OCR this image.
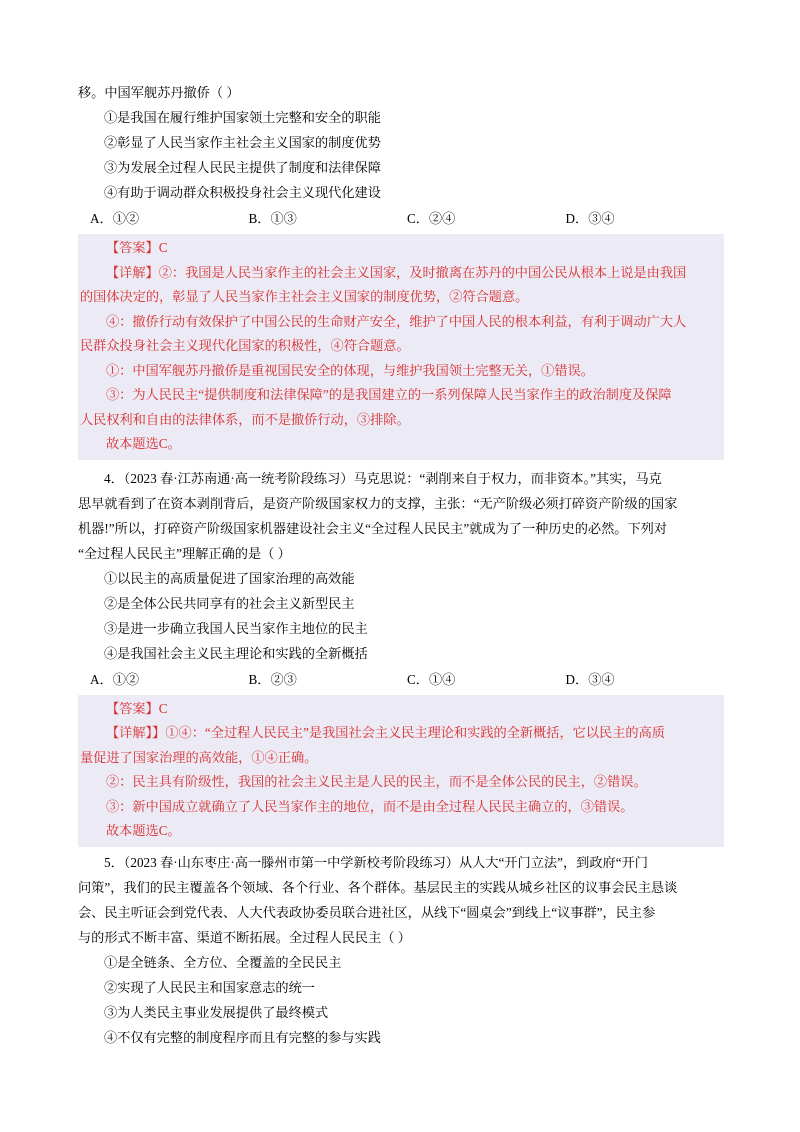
移。中国军舰苏丹撤侨（ ）
①是我国在履行维护国家领土完整和安全的职能
②彰显了人民当家作主社会主义国家的制度优势
③为发展全过程人民民主提供了制度和法律保障
④有助于调动群众积极投身社会主义现代化建设
A．①②	B．①③	C．②④	D．③④
【答案】C
【详解】②：我国是人民当家作主的社会主义国家，及时撤离在苏丹的中国公民从根本上说是由我国
的国体决定的，彰显了人民当家作主社会主义国家的制度优势，②符合题意。
④：撤侨行动有效保护了中国公民的生命财产安全，维护了中国人民的根本利益，有利于调动广大人
民群众投身社会主义现代化国家的积极性，④符合题意。
①：中国军舰苏丹撤侨是重视国民安全的体现，与维护我国领土完整无关，①错误。
③：为人民民主“提供制度和法律保障”的是我国建立的一系列保障人民当家作主的政治制度及保障
人民权利和自由的法律体系，而不是撤侨行动，③排除。
故本题选C。
4．（2023 春·江苏南通·高一统考阶段练习）马克思说：“剥削来自于权力，而非资本。”其实，马克
思早就看到了在资本剥削背后，是资产阶级国家权力的支撑，主张：“无产阶级必须打碎资产阶级的国家
机器!”所以，打碎资产阶级国家机器建设社会主义“全过程人民民主”就成为了一种历史的必然。下列对
“全过程人民民主”理解正确的是（ ）
①以民主的高质量促进了国家治理的高效能
②是全体公民共同享有的社会主义新型民主
③是进一步确立我国人民当家作主地位的民主
④是我国社会主义民主理论和实践的全新概括
A．①②	B．②③	C．①④	D．③④
【答案】C
【详解】】①④：“全过程人民民主”是我国社会主义民主理论和实践的全新概括，它以民主的高质
量促进了国家治理的高效能，①④正确。
②：民主具有阶级性，我国的社会主义民主是人民的民主，而不是全体公民的民主，②错误。
③：新中国成立就确立了人民当家作主的地位，而不是由全过程人民民主确立的，③错误。
故本题选C。
5．（2023 春·山东枣庄·高一滕州市第一中学新校考阶段练习）从人大“开门立法”，到政府“开门
问策”，我们的民主覆盖各个领域、各个行业、各个群体。基层民主的实践从城乡社区的议事会民主恳谈
会、民主听证会到党代表、人大代表政协委员联合进社区，从线下“圆桌会”到线上“议事群”，民主参
与的形式不断丰富、渠道不断拓展。全过程人民民主（ ）
①是全链条、全方位、全覆盖的全民民主
②实现了人民民主和国家意志的统一
③为人类民主事业发展提供了最终模式
④不仅有完整的制度程序而且有完整的参与实践
